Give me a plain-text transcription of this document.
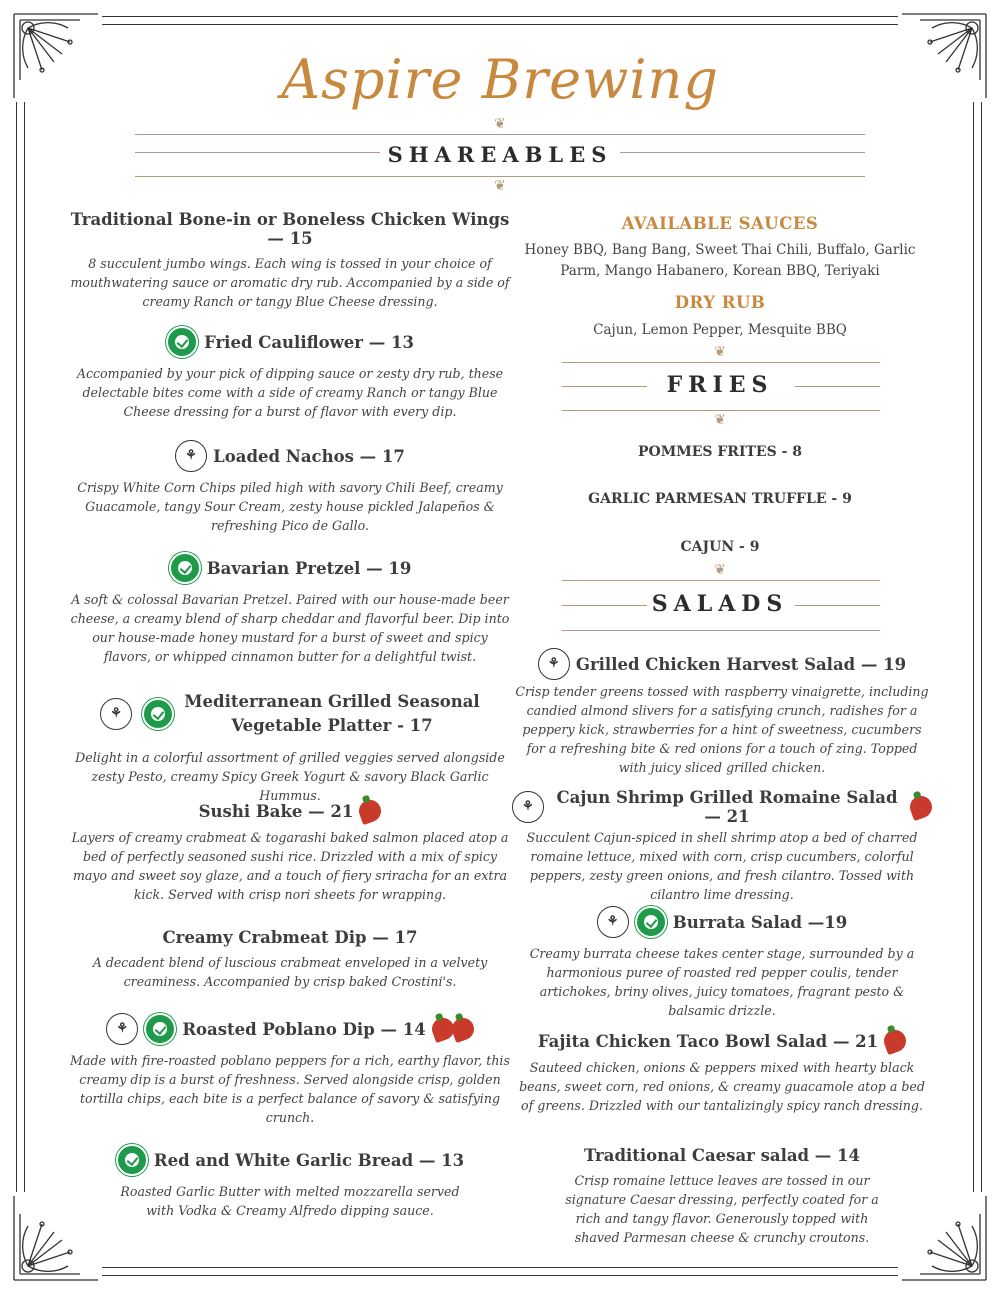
Aspire Brewing
❦
SHAREABLES
❦
Traditional Bone-in or Boneless Chicken Wings — 15
8 succulent jumbo wings. Each wing is tossed in your choice of mouthwatering sauce or aromatic dry rub. Accompanied by a side of creamy Ranch or tangy Blue Cheese dressing.
Fried Cauliflower — 13
Accompanied by your pick of dipping sauce or zesty dry rub, these delectable bites come with a side of creamy Ranch or tangy Blue Cheese dressing for a burst of flavor with every dip.
⚘
Loaded Nachos — 17
Crispy White Corn Chips piled high with savory Chili Beef, creamy Guacamole, tangy Sour Cream, zesty house pickled Jalapeños & refreshing Pico de Gallo.
Bavarian Pretzel — 19
A soft & colossal Bavarian Pretzel. Paired with our house-made beer cheese, a creamy blend of sharp cheddar and flavorful beer. Dip into our house-made honey mustard for a burst of sweet and spicy flavors, or whipped cinnamon butter for a delightful twist.
⚘
Mediterranean Grilled Seasonal
Vegetable Platter - 17
Delight in a colorful assortment of grilled veggies served alongside zesty Pesto, creamy Spicy Greek Yogurt & savory Black Garlic Hummus.
Sushi Bake — 21
Layers of creamy crabmeat & togarashi baked salmon placed atop a bed of perfectly seasoned sushi rice. Drizzled with a mix of spicy mayo and sweet soy glaze, and a touch of fiery sriracha for an extra kick. Served with crisp nori sheets for wrapping.
Creamy Crabmeat Dip — 17
A decadent blend of luscious crabmeat enveloped in a velvety creaminess. Accompanied by crisp baked Crostini's.
⚘
Roasted Poblano Dip — 14
Made with fire-roasted poblano peppers for a rich, earthy flavor, this creamy dip is a burst of freshness. Served alongside crisp, golden tortilla chips, each bite is a perfect balance of savory & satisfying crunch.
Red and White Garlic Bread — 13
Roasted Garlic Butter with melted mozzarella served with Vodka & Creamy Alfredo dipping sauce.
AVAILABLE SAUCES
Honey BBQ, Bang Bang, Sweet Thai Chili, Buffalo, Garlic Parm, Mango Habanero, Korean BBQ, Teriyaki
DRY RUB
Cajun, Lemon Pepper, Mesquite BBQ
❦
FRIES
❦
POMMES FRITES - 8
GARLIC PARMESAN TRUFFLE - 9
CAJUN - 9
❦
SALADS
⚘
Grilled Chicken Harvest Salad — 19
Crisp tender greens tossed with raspberry vinaigrette, including candied almond slivers for a satisfying crunch, radishes for a peppery kick, strawberries for a hint of sweetness, cucumbers for a refreshing bite & red onions for a touch of zing. Topped with juicy sliced grilled chicken.
⚘
Cajun Shrimp Grilled Romaine Salad — 21
Succulent Cajun-spiced in shell shrimp atop a bed of charred romaine lettuce, mixed with corn, crisp cucumbers, colorful peppers, zesty green onions, and fresh cilantro. Tossed with cilantro lime dressing.
⚘
Burrata Salad —19
Creamy burrata cheese takes center stage, surrounded by a harmonious puree of roasted red pepper coulis, tender artichokes, briny olives, juicy tomatoes, fragrant pesto & balsamic drizzle.
Fajita Chicken Taco Bowl Salad — 21
Sauteed chicken, onions & peppers mixed with hearty black beans, sweet corn, red onions, & creamy guacamole atop a bed of greens. Drizzled with our tantalizingly spicy ranch dressing.
Traditional Caesar salad — 14
Crisp romaine lettuce leaves are tossed in our signature Caesar dressing, perfectly coated for a rich and tangy flavor. Generously topped with shaved Parmesan cheese & crunchy croutons.
